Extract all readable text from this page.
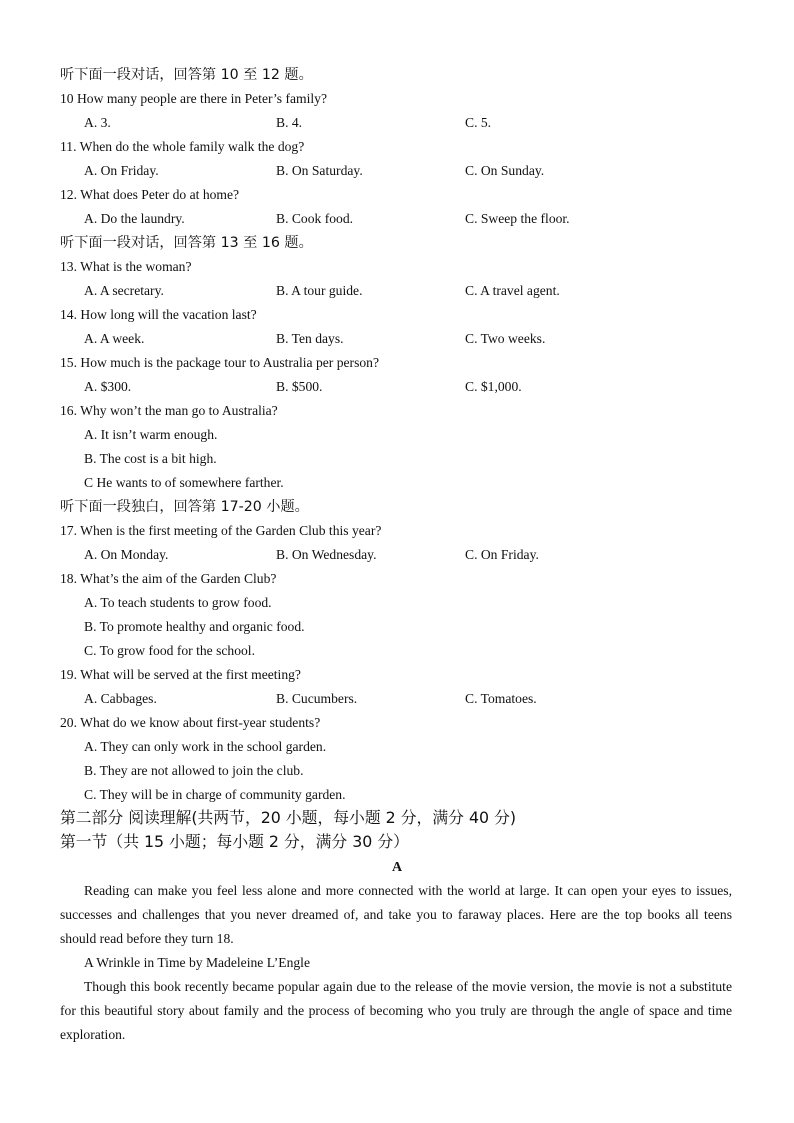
听下面一段对话，回答第 10 至 12 题。
10 How many people are there in Peter’s family?
A. 3.	B. 4.	C. 5.
11. When do the whole family walk the dog?
A. On Friday.	B. On Saturday.	C. On Sunday.
12. What does Peter do at home?
A. Do the laundry.	B. Cook food.	C. Sweep the floor.
听下面一段对话，回答第 13 至 16 题。
13. What is the woman?
A. A secretary.	B. A tour guide.	C. A travel agent.
14. How long will the vacation last?
A. A week.	B. Ten days.	C. Two weeks.
15. How much is the package tour to Australia per person?
A. $300.	B. $500.	C. $1,000.
16. Why won’t the man go to Australia?
A. It isn’t warm enough.
B. The cost is a bit high.
C He wants to of somewhere farther.
听下面一段独白，回答第 17-20 小题。
17. When is the first meeting of the Garden Club this year?
A. On Monday.	B. On Wednesday.	C. On Friday.
18. What’s the aim of the Garden Club?
A. To teach students to grow food.
B. To promote healthy and organic food.
C. To grow food for the school.
19. What will be served at the first meeting?
A. Cabbages.	B. Cucumbers.	C. Tomatoes.
20. What do we know about first-year students?
A. They can only work in the school garden.
B. They are not allowed to join the club.
C. They will be in charge of community garden.
第二部分 阅读理解(共两节，20 小题，每小题 2 分，满分 40 分)
第一节（共 15 小题；每小题 2 分，满分 30 分）
A
Reading can make you feel less alone and more connected with the world at large. It can open your eyes to issues, successes and challenges that you never dreamed of, and take you to faraway places. Here are the top books all teens should read before they turn 18.
A Wrinkle in Time by Madeleine L’Engle
Though this book recently became popular again due to the release of the movie version, the movie is not a substitute for this beautiful story about family and the process of becoming who you truly are through the angle of space and time exploration.
